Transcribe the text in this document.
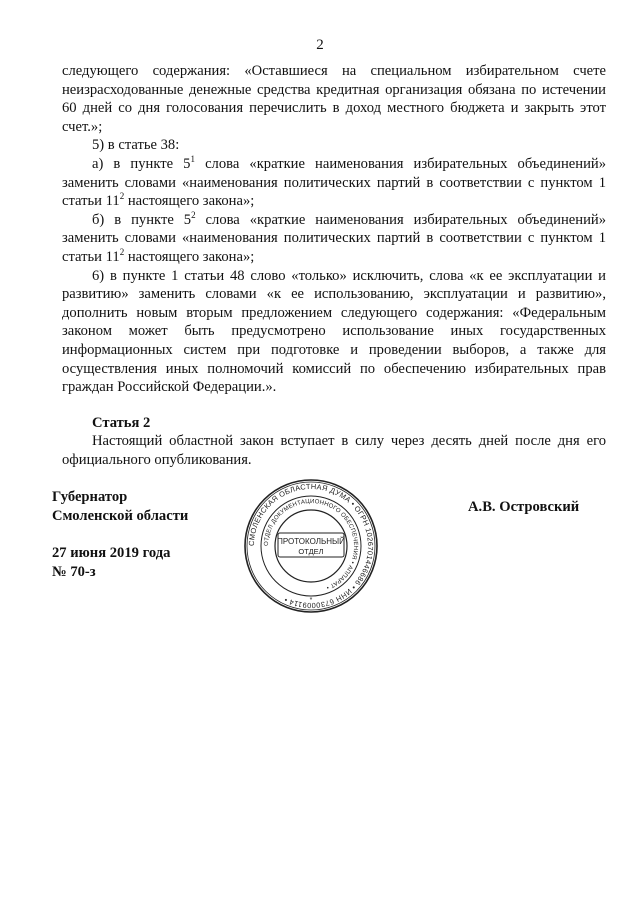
2

следующего содержания: «Оставшиеся на специальном избирательном счете неизрасходованные денежные средства кредитная организация обязана по истечении 60 дней со дня голосования перечислить в доход местного бюджета и закрыть этот счет.»;

5) в статье 38:

а) в пункте $5^1$ слова «краткие наименования избирательных объединений» заменить словами «наименования политических партий в соответствии с пунктом 1 статьи $11^2$ настоящего закона»;

б) в пункте $5^2$ слова «краткие наименования избирательных объединений» заменить словами «наименования политических партий в соответствии с пунктом 1 статьи $11^2$ настоящего закона»;

6) в пункте 1 статьи 48 слово «только» исключить, слова «к ее эксплуатации и развитию» заменить словами «к ее использованию, эксплуатации и развитию», дополнить новым вторым предложением следующего содержания: «Федеральным законом может быть предусмотрено использование иных государственных информационных систем при подготовке и проведении выборов, а также для осуществления иных полномочий комиссий по обеспечению избирательных прав граждан Российской Федерации.».

Статья 2

Настоящий областной закон вступает в силу через десять дней после дня его официального опубликования.

Губернатор
Смоленской области
27 июня 2019 года
№ 70-з
А.В. Островский
СМОЛЕНСКАЯ ОБЛАСТНАЯ ДУМА • ОГРН 1026701446686 • ИНН 6730009114 •
ОТДЕЛ ДОКУМЕНТАЦИОННОГО ОБЕСПЕЧЕНИЯ • АППАРАТ •
ПРОТОКОЛЬНЫЙ
ОТДЕЛ
*
